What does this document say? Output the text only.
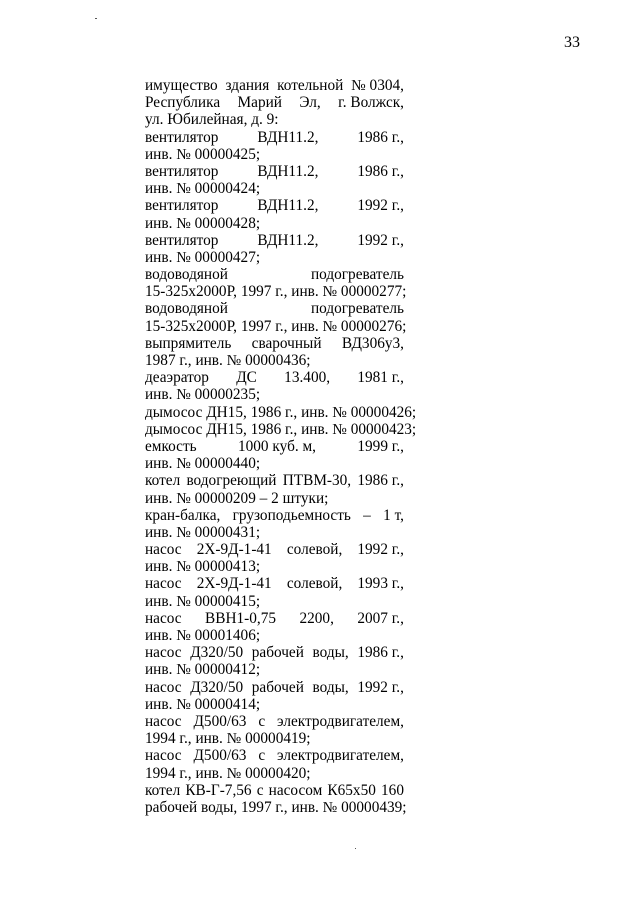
33
имущество здания котельной № 0304,
Республика Марий Эл, г. Волжск,
ул. Юбилейная, д. 9:
вентилятор	ВДН11.2,	1986 г.,
инв. № 00000425;
вентилятор	ВДН11.2,	1986 г.,
инв. № 00000424;
вентилятор	ВДН11.2,	1992 г.,
инв. № 00000428;
вентилятор	ВДН11.2,	1992 г.,
инв. № 00000427;
водоводяной	подогреватель
15-325x2000Р, 1997 г., инв. № 00000277;
водоводяной	подогреватель
15-325x2000Р, 1997 г., инв. № 00000276;
выпрямитель сварочный ВД306у3,
1987 г., инв. № 00000436;
деаэратор ДС 13.400, 1981 г.,
инв. № 00000235;
дымосос ДН15, 1986 г., инв. № 00000426;
дымосос ДН15, 1986 г., инв. № 00000423;
емкость	1000 куб. м,	1999 г.,
инв. № 00000440;
котел водогреющий ПТВМ-30, 1986 г.,
инв. № 00000209 – 2 штуки;
кран-балка, грузоподьемность – 1 т,
инв. № 00000431;
насос 2Х-9Д-1-41 солевой, 1992 г.,
инв. № 00000413;
насос 2Х-9Д-1-41 солевой, 1993 г.,
инв. № 00000415;
насос ВВН1-0,75 2200, 2007 г.,
инв. № 00001406;
насос Д320/50 рабочей воды, 1986 г.,
инв. № 00000412;
насос Д320/50 рабочей воды, 1992 г.,
инв. № 00000414;
насос Д500/63 с электродвигателем,
1994 г., инв. № 00000419;
насос Д500/63 с электродвигателем,
1994 г., инв. № 00000420;
котел КВ-Г-7,56 с насосом К65х50 160
рабочей воды, 1997 г., инв. № 00000439;
